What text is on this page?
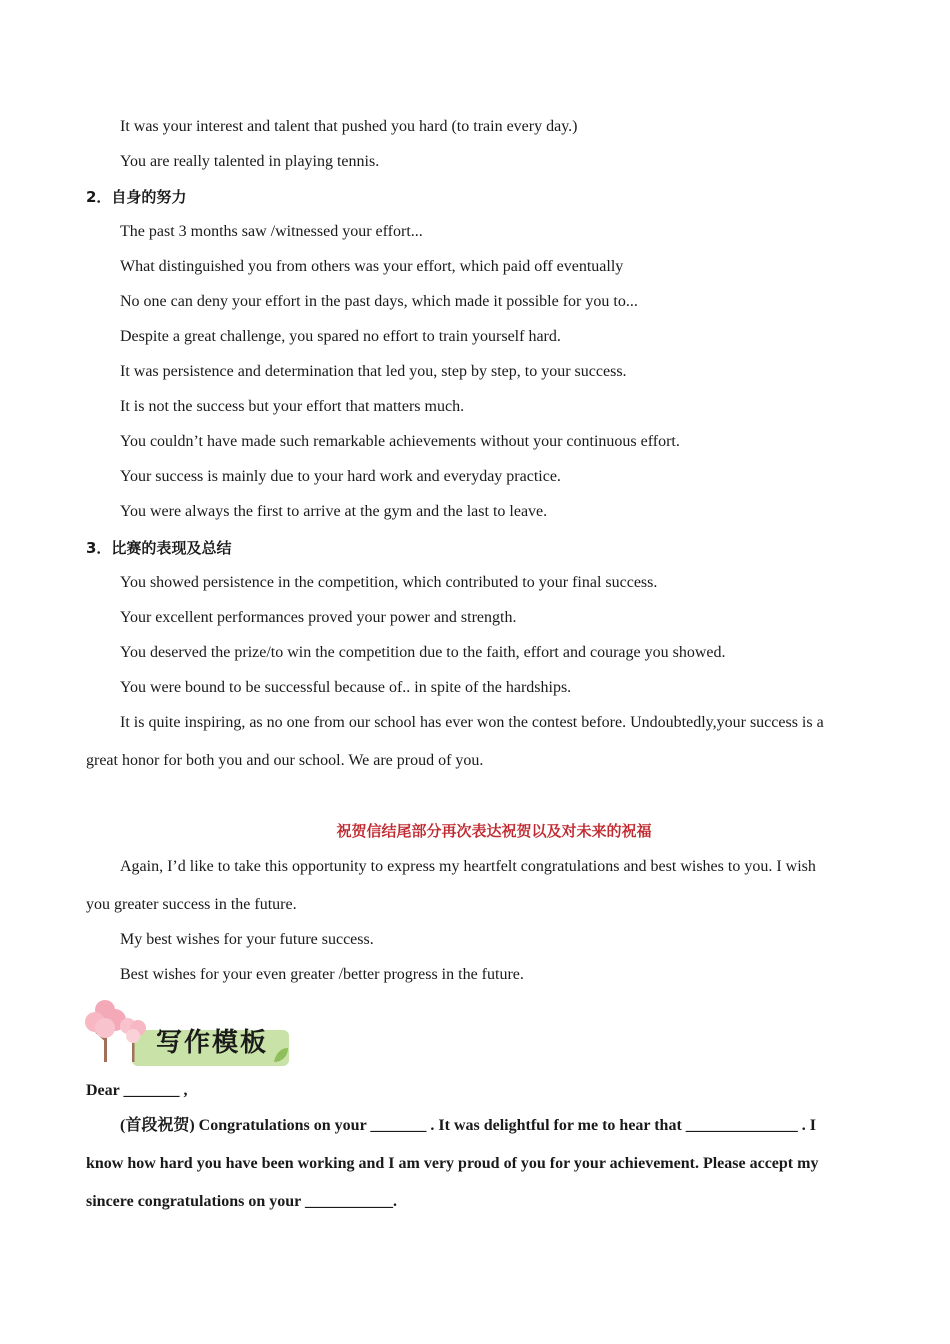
It was your interest and talent that pushed you hard (to train every day.)
You are really talented in playing tennis.
2．自身的努力
The past 3 months saw /witnessed your effort...
What distinguished you from others was your effort, which paid off eventually
No one can deny your effort in the past days, which made it possible for you to...
Despite a great challenge, you spared no effort to train yourself hard.
It was persistence and determination that led you, step by step, to your success.
It is not the success but your effort that matters much.
You couldn’t have made such remarkable achievements without your continuous effort.
Your success is mainly due to your hard work and everyday practice.
You were always the first to arrive at the gym and the last to leave.
3．比赛的表现及总结
You showed persistence in the competition, which contributed to your final success.
Your excellent performances proved your power and strength.
You deserved the prize/to win the competition due to the faith, effort and courage you showed.
You were bound to be successful because of.. in spite of the hardships.
It is quite inspiring, as no one from our school has ever won the contest before. Undoubtedly,your success is a
great honor for both you and our school. We are proud of you.
祝贺信结尾部分再次表达祝贺以及对未来的祝福
Again, I’d like to take this opportunity to express my heartfelt congratulations and best wishes to you. I wish
you greater success in the future.
My best wishes for your future success.
Best wishes for your even greater /better progress in the future.
写作模板
Dear _______ ,
(首段祝贺) Congratulations on your _______ . It was delightful for me to hear that ______________ . I
know how hard you have been working and I am very proud of you for your achievement. Please accept my
sincere congratulations on your ___________.
